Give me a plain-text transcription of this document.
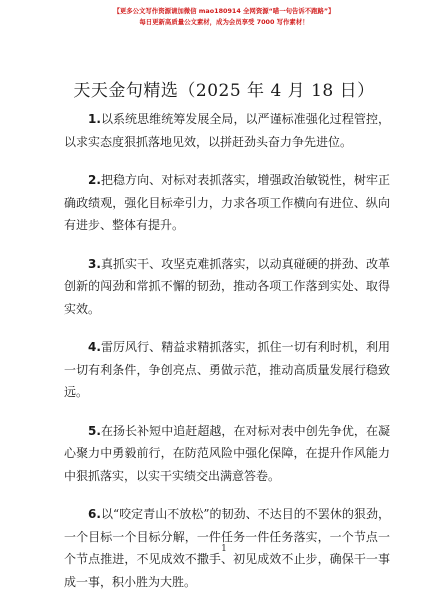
【更多公文写作资源请加微信 mao180914 全网资源“喵一句告诉不跑路”】
每日更新高质量公文素材，成为会员享受 7000 写作素材！
天天金句精选（2025 年 4 月 18 日）

1.以系统思维统筹发展全局，以严谨标准强化过程管控，以求实态度狠抓落地见效，以拼赶劲头奋力争先进位。

2.把稳方向、对标对表抓落实，增强政治敏锐性，树牢正确政绩观，强化目标牵引力，力求各项工作横向有进位、纵向有进步、整体有提升。

3.真抓实干、攻坚克难抓落实，以动真碰硬的拼劲、改革创新的闯劲和常抓不懈的韧劲，推动各项工作落到实处、取得实效。

4.雷厉风行、精益求精抓落实，抓住一切有利时机，利用一切有利条件，争创亮点、勇做示范，推动高质量发展行稳致远。

5.在扬长补短中追赶超越，在对标对表中创先争优，在凝心聚力中勇毅前行，在防范风险中强化保障，在提升作风能力中狠抓落实，以实干实绩交出满意答卷。

6.以“咬定青山不放松”的韧劲、不达目的不罢休的狠劲，一个目标一个目标分解，一件任务一件任务落实，一个节点一个节点推进，不见成效不撒手、初见成效不止步，确保干一事成一事，积小胜为大胜。

1
